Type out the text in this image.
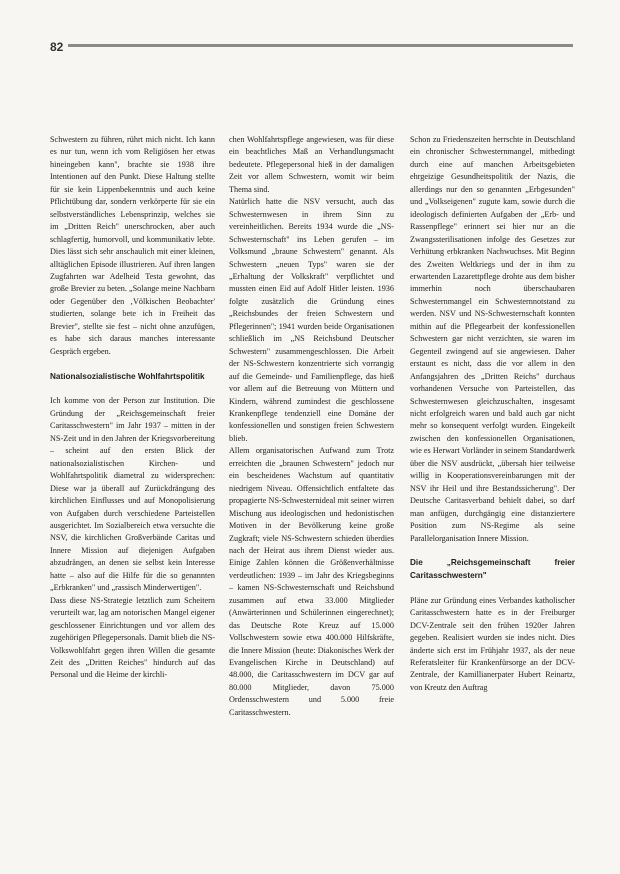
82

Schwestern zu führen, rührt mich nicht. Ich kann es nur tun, wenn ich vom Religiösen her etwas hineingeben kann", brachte sie 1938 ihre Intentionen auf den Punkt. Diese Haltung stellte für sie kein Lippenbekenntnis und auch keine Pflichtübung dar, sondern verkörperte für sie ein selbstverständliches Lebensprinzip, welches sie im „Dritten Reich" unerschrocken, aber auch schlagfertig, humorvoll, und kommunikativ lebte. Dies lässt sich sehr anschaulich mit einer kleinen, alltäglichen Episode illustrieren. Auf ihren langen Zugfahrten war Adelheid Testa gewohnt, das große Brevier zu beten. „Solange meine Nachbarn oder Gegenüber den ‚Völkischen Beobachter' studierten, solange bete ich in Freiheit das Brevier", stellte sie fest – nicht ohne anzufügen, es habe sich daraus manches interessante Gespräch ergeben.

Nationalsozialistische Wohlfahrtspolitik

Ich komme von der Person zur Institution. Die Gründung der „Reichsgemeinschaft freier Caritasschwestern" im Jahr 1937 – mitten in der NS-Zeit und in den Jahren der Kriegsvorbereitung – scheint auf den ersten Blick der nationalsozialistischen Kirchen- und Wohlfahrtspolitik diametral zu widersprechen: Diese war ja überall auf Zurückdrängung des kirchlichen Einflusses und auf Monopolisierung von Aufgaben durch verschiedene Parteistellen ausgerichtet. Im Sozialbereich etwa versuchte die NSV, die kirchlichen Großverbände Caritas und Innere Mission auf diejenigen Aufgaben abzudrängen, an denen sie selbst kein Interesse hatte – also auf die Hilfe für die so genannten „Erbkranken" und „rassisch Minderwertigen".

Dass diese NS-Strategie letztlich zum Scheitern verurteilt war, lag am notorischen Mangel eigener geschlossener Einrichtungen und vor allem des zugehörigen Pflegepersonals. Damit blieb die NS-Volkswohlfahrt gegen ihren Willen die gesamte Zeit des „Dritten Reiches" hindurch auf das Personal und die Heime der kirchli-

chen Wohlfahrtspflege angewiesen, was für diese ein beachtliches Maß an Verhandlungsmacht bedeutete. Pflegepersonal hieß in der damaligen Zeit vor allem Schwestern, womit wir beim Thema sind.

Natürlich hatte die NSV versucht, auch das Schwesternwesen in ihrem Sinn zu vereinheitlichen. Bereits 1934 wurde die „NS-Schwesternschaft" ins Leben gerufen – im Volksmund „braune Schwestern" genannt. Als Schwestern „neuen Typs" waren sie der „Erhaltung der Volkskraft" verpflichtet und mussten einen Eid auf Adolf Hitler leisten. 1936 folgte zusätzlich die Gründung eines „Reichsbundes der freien Schwestern und Pflegerinnen"; 1941 wurden beide Organisationen schließlich im „NS Reichsbund Deutscher Schwestern" zusammengeschlossen. Die Arbeit der NS-Schwestern konzentrierte sich vorrangig auf die Gemeinde- und Familienpflege, das hieß vor allem auf die Betreuung von Müttern und Kindern, während zumindest die geschlossene Krankenpflege tendenziell eine Domäne der konfessionellen und sonstigen freien Schwestern blieb.

Allem organisatorischen Aufwand zum Trotz erreichten die „braunen Schwestern" jedoch nur ein bescheidenes Wachstum auf quantitativ niedrigem Niveau. Offensichtlich entfaltete das propagierte NS-Schwesternideal mit seiner wirren Mischung aus ideologischen und hedonistischen Motiven in der Bevölkerung keine große Zugkraft; viele NS-Schwestern schieden überdies nach der Heirat aus ihrem Dienst wieder aus. Einige Zahlen können die Größenverhältnisse verdeutlichen: 1939 – im Jahr des Kriegsbeginns – kamen NS-Schwesternschaft und Reichsbund zusammen auf etwa 33.000 Mitglieder (Anwärterinnen und Schülerinnen eingerechnet); das Deutsche Rote Kreuz auf 15.000 Vollschwestern sowie etwa 400.000 Hilfskräfte, die Innere Mission (heute: Diakonisches Werk der Evangelischen Kirche in Deutschland) auf 48.000, die Caritasschwestern im DCV gar auf 80.000 Mitglieder, davon 75.000 Ordensschwestern und 5.000 freie Caritasschwestern.

Schon zu Friedenszeiten herrschte in Deutschland ein chronischer Schwesternmangel, mitbedingt durch eine auf manchen Arbeitsgebieten ehrgeizige Gesundheitspolitik der Nazis, die allerdings nur den so genannten „Erbgesunden" und „Volkseigenen" zugute kam, sowie durch die ideologisch definierten Aufgaben der „Erb- und Rassenpflege" erinnert sei hier nur an die Zwangssterilisationen infolge des Gesetzes zur Verhütung erbkranken Nachwuchses. Mit Beginn des Zweiten Weltkriegs und der in ihm zu erwartenden Lazarettpflege drohte aus dem bisher immerhin noch überschaubaren Schwesternmangel ein Schwesternnotstand zu werden. NSV und NS-Schwesternschaft konnten mithin auf die Pflegearbeit der konfessionellen Schwestern gar nicht verzichten, sie waren im Gegenteil zwingend auf sie angewiesen. Daher erstaunt es nicht, dass die vor allem in den Anfangsjahren des „Dritten Reichs" durchaus vorhandenen Versuche von Parteistellen, das Schwesternwesen gleichzuschalten, insgesamt nicht erfolgreich waren und bald auch gar nicht mehr so konsequent verfolgt wurden. Eingekeilt zwischen den konfessionellen Organisationen, wie es Herwart Vorländer in seinem Standardwerk über die NSV ausdrückt, „übersah hier teilweise willig in Kooperationsvereinbarungen mit der NSV ihr Heil und ihre Bestandssicherung". Der Deutsche Caritasverband behielt dabei, so darf man anfügen, durchgängig eine distanziertere Position zum NS-Regime als seine Parallelorganisation Innere Mission.

Die „Reichsgemeinschaft freier Caritasschwestern"

Pläne zur Gründung eines Verbandes katholischer Caritasschwestern hatte es in der Freiburger DCV-Zentrale seit den frühen 1920er Jahren gegeben. Realisiert wurden sie indes nicht. Dies änderte sich erst im Frühjahr 1937, als der neue Referatsleiter für Krankenfürsorge an der DCV-Zentrale, der Kamillianerpater Hubert Reinartz, von Kreutz den Auftrag
